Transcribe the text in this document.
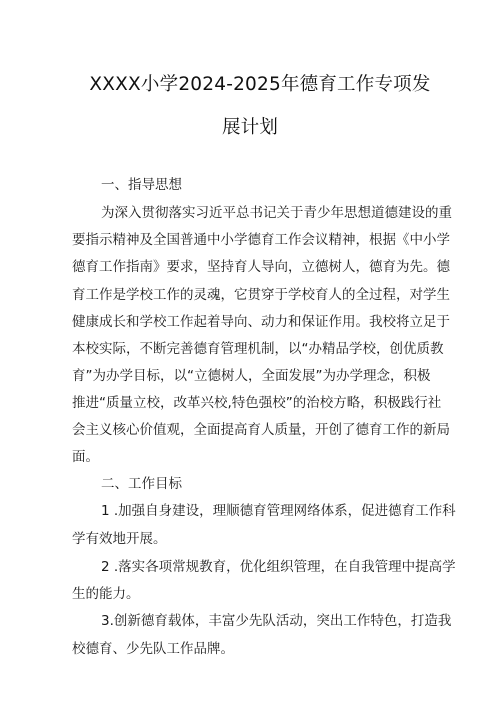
XXXX小学2024-2025年德育工作专项发
展计划
一、指导思想
为深入贯彻落实习近平总书记关于青少年思想道德建设的重
要指示精神及全国普通中小学德育工作会议精神，根据《中小学
德育工作指南》要求，坚持育人导向，立德树人，德育为先。德
育工作是学校工作的灵魂，它贯穿于学校育人的全过程，对学生
健康成长和学校工作起着导向、动力和保证作用。我校将立足于
本校实际，不断完善德育管理机制，以“办精品学校，创优质教
育”为办学目标，以“立德树人，全面发展”为办学理念，积极
推进“质量立校，改革兴校,特色强校”的治校方略，积极践行社
会主义核心价值观，全面提高育人质量，开创了德育工作的新局
面。
二、工作目标
1 .加强自身建设，理顺德育管理网络体系，促进德育工作科
学有效地开展。
2 .落实各项常规教育，优化组织管理，在自我管理中提高学
生的能力。
3.创新德育载体，丰富少先队活动，突出工作特色，打造我
校德育、少先队工作品牌。
